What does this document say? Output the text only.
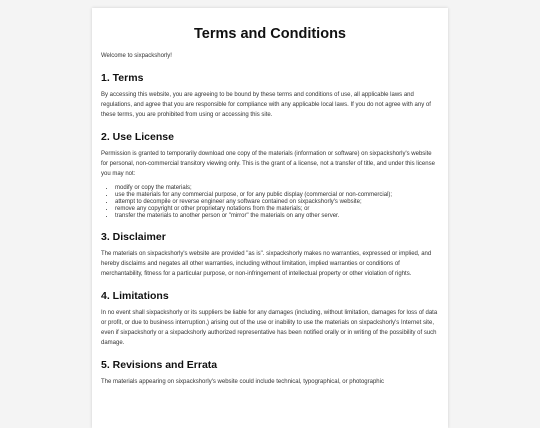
Terms and Conditions

Welcome to sixpackshorly!

1. Terms

By accessing this website, you are agreeing to be bound by these terms and conditions of use, all applicable laws and regulations, and agree that you are responsible for compliance with any applicable local laws. If you do not agree with any of these terms, you are prohibited from using or accessing this site.

2. Use License

Permission is granted to temporarily download one copy of the materials (information or software) on sixpackshorly's website for personal, non-commercial transitory viewing only. This is the grant of a license, not a transfer of title, and under this license you may not:

• modify or copy the materials;
• use the materials for any commercial purpose, or for any public display (commercial or non-commercial);
• attempt to decompile or reverse engineer any software contained on sixpackshorly's website;
• remove any copyright or other proprietary notations from the materials; or
• transfer the materials to another person or "mirror" the materials on any other server.
3. Disclaimer

The materials on sixpackshorly's website are provided "as is". sixpackshorly makes no warranties, expressed or implied, and hereby disclaims and negates all other warranties, including without limitation, implied warranties or conditions of merchantability, fitness for a particular purpose, or non-infringement of intellectual property or other violation of rights.

4. Limitations

In no event shall sixpackshorly or its suppliers be liable for any damages (including, without limitation, damages for loss of data or profit, or due to business interruption,) arising out of the use or inability to use the materials on sixpackshorly's Internet site, even if sixpackshorly or a sixpackshorly authorized representative has been notified orally or in writing of the possibility of such damage.

5. Revisions and Errata

The materials appearing on sixpackshorly's website could include technical, typographical, or photographic
